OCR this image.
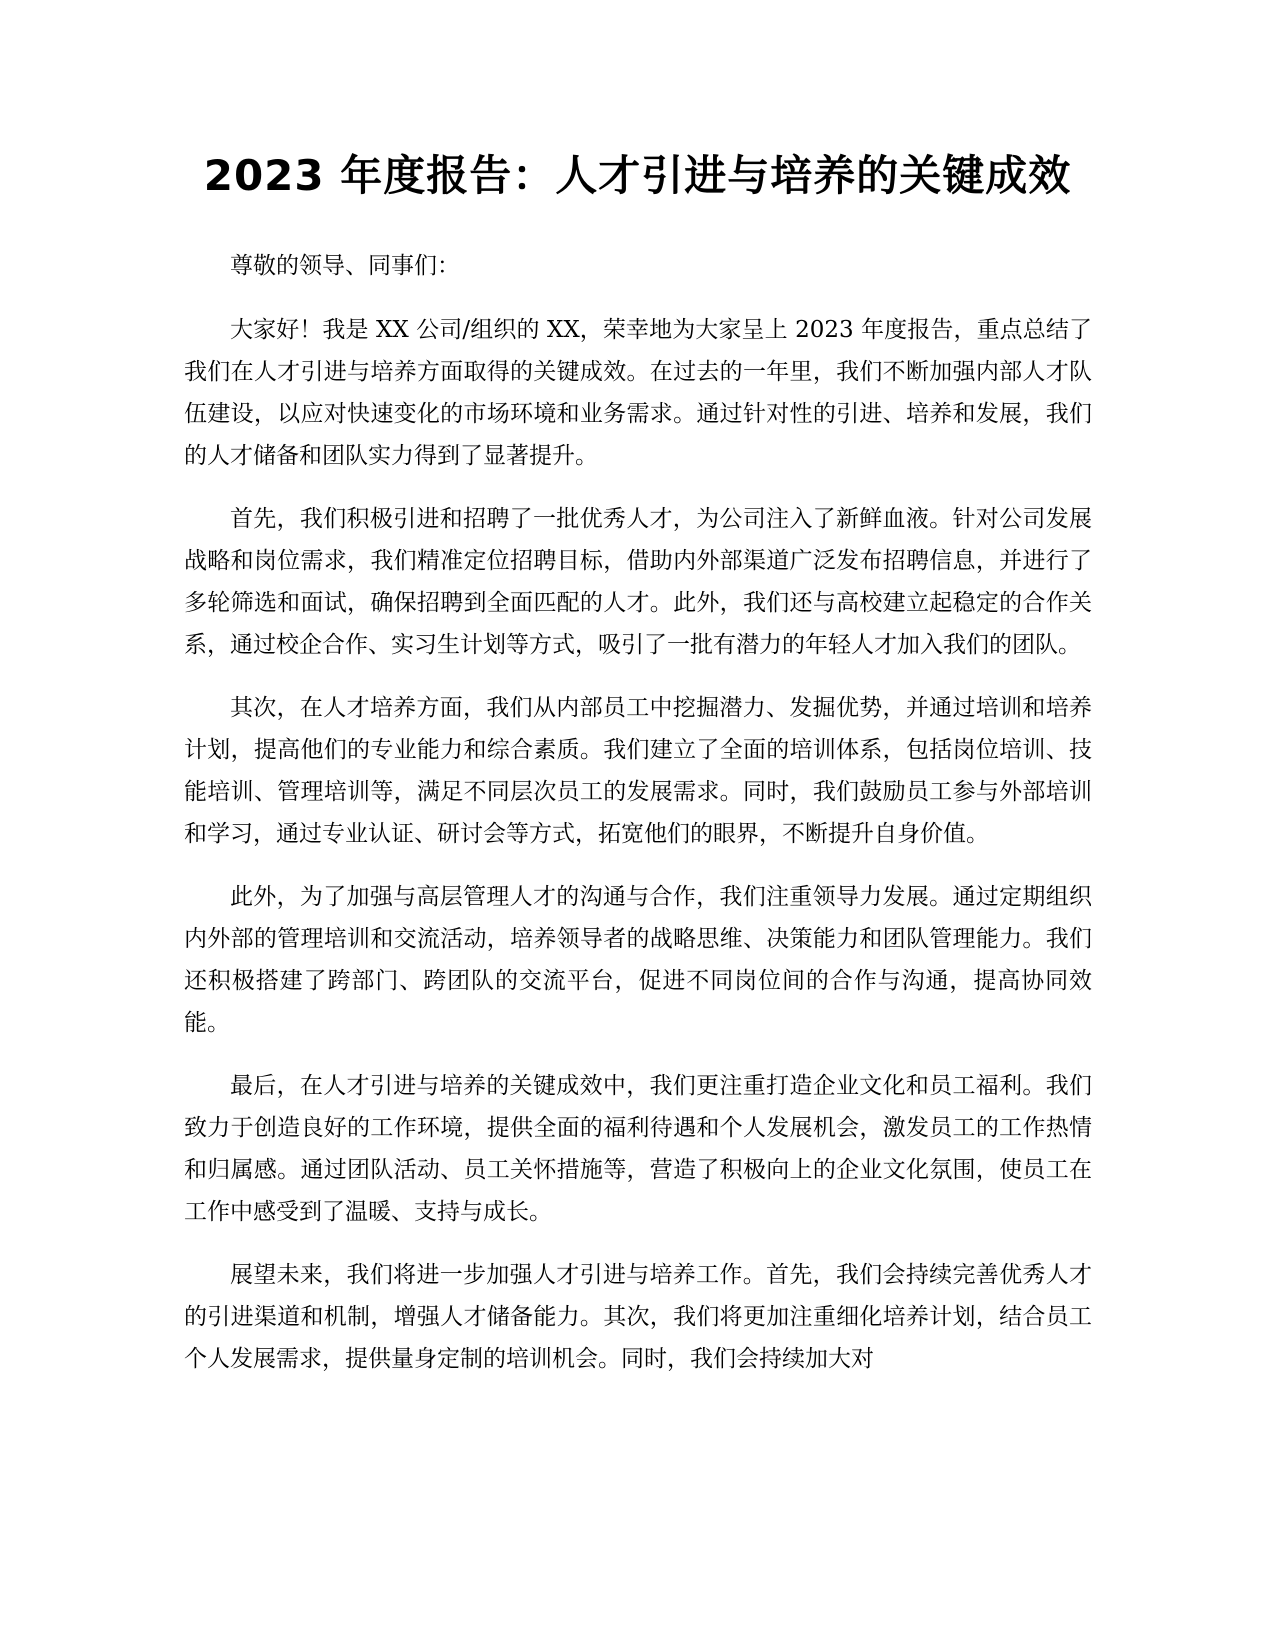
2023 年度报告：人才引进与培养的关键成效

尊敬的领导、同事们：

大家好！我是 XX 公司/组织的 XX，荣幸地为大家呈上 2023 年度报告，重点总结了我们在人才引进与培养方面取得的关键成效。在过去的一年里，我们不断加强内部人才队伍建设，以应对快速变化的市场环境和业务需求。通过针对性的引进、培养和发展，我们的人才储备和团队实力得到了显著提升。

首先，我们积极引进和招聘了一批优秀人才，为公司注入了新鲜血液。针对公司发展战略和岗位需求，我们精准定位招聘目标，借助内外部渠道广泛发布招聘信息，并进行了多轮筛选和面试，确保招聘到全面匹配的人才。此外，我们还与高校建立起稳定的合作关系，通过校企合作、实习生计划等方式，吸引了一批有潜力的年轻人才加入我们的团队。

其次，在人才培养方面，我们从内部员工中挖掘潜力、发掘优势，并通过培训和培养计划，提高他们的专业能力和综合素质。我们建立了全面的培训体系，包括岗位培训、技能培训、管理培训等，满足不同层次员工的发展需求。同时，我们鼓励员工参与外部培训和学习，通过专业认证、研讨会等方式，拓宽他们的眼界，不断提升自身价值。

此外，为了加强与高层管理人才的沟通与合作，我们注重领导力发展。通过定期组织内外部的管理培训和交流活动，培养领导者的战略思维、决策能力和团队管理能力。我们还积极搭建了跨部门、跨团队的交流平台，促进不同岗位间的合作与沟通，提高协同效能。

最后，在人才引进与培养的关键成效中，我们更注重打造企业文化和员工福利。我们致力于创造良好的工作环境，提供全面的福利待遇和个人发展机会，激发员工的工作热情和归属感。通过团队活动、员工关怀措施等，营造了积极向上的企业文化氛围，使员工在工作中感受到了温暖、支持与成长。

展望未来，我们将进一步加强人才引进与培养工作。首先，我们会持续完善优秀人才的引进渠道和机制，增强人才储备能力。其次，我们将更加注重细化培养计划，结合员工个人发展需求，提供量身定制的培训机会。同时，我们会持续加大对
